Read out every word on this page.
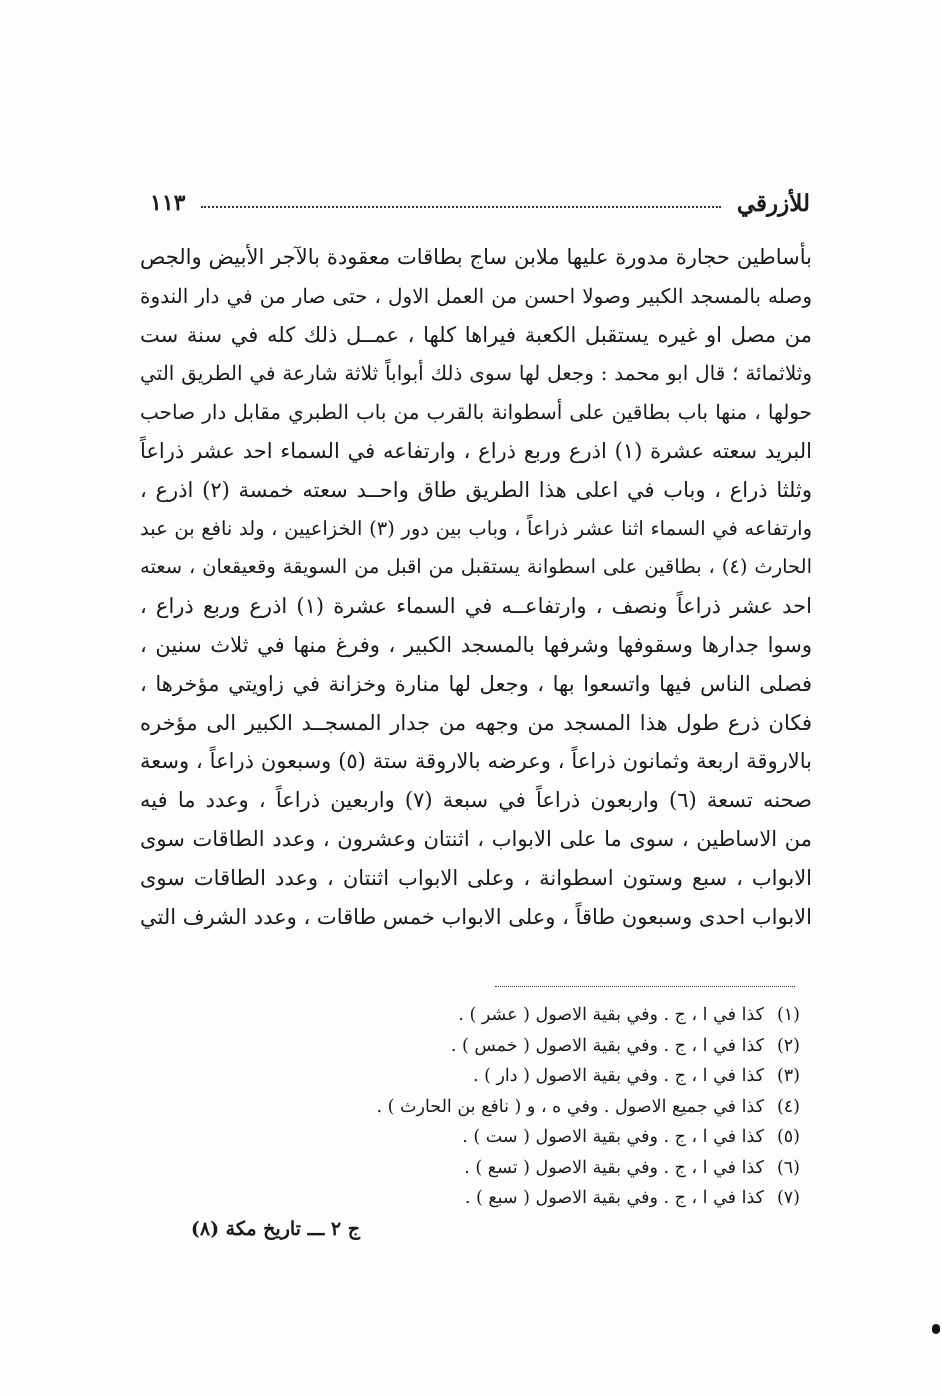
للأزرقي
١١٣
بأساطين حجارة مدورة عليها ملابن ساج بطاقات معقودة بالآجر الأبيض والجص
وصله بالمسجد الكبير وصولا احسن من العمل الاول ، حتى صار من في دار الندوة
من مصل او غيره يستقبل الكعبة فيراها كلها ، عمــل ذلك كله في سنة ست
وثلاثمائة ؛ قال ابو محمد : وجعل لها سوى ذلك أبواباً ثلاثة شارعة في الطريق التي
حولها ، منها باب بطاقين على أسطوانة بالقرب من باب الطبري مقابل دار صاحب
البريد سعته عشرة (١) اذرع وربع ذراع ، وارتفاعه في السماء احد عشر ذراعاً
وثلثا ذراع ، وباب في اعلى هذا الطريق طاق واحــد سعته خمسة (٢) اذرع ،
وارتفاعه في السماء اثنا عشر ذراعاً ، وباب بين دور (٣) الخزاعيين ، ولد نافع بن عبد
الحارث (٤) ، بطاقين على اسطوانة يستقبل من اقبل من السويقة وقعيقعان ، سعته
احد عشر ذراعاً ونصف ، وارتفاعــه في السماء عشرة (١) اذرع وربع ذراع ،
وسوا جدارها وسقوفها وشرفها بالمسجد الكبير ، وفرغ منها في ثلاث سنين ،
فصلى الناس فيها واتسعوا بها ، وجعل لها منارة وخزانة في زاويتي مؤخرها ،
فكان ذرع طول هذا المسجد من وجهه من جدار المسجــد الكبير الى مؤخره
بالاروقة اربعة وثمانون ذراعاً ، وعرضه بالاروقة ستة (٥) وسبعون ذراعاً ، وسعة
صحنه تسعة (٦) واربعون ذراعاً في سبعة (٧) واربعين ذراعاً ، وعدد ما فيه
من الاساطين ، سوى ما على الابواب ، اثنتان وعشرون ، وعدد الطاقات سوى
الابواب ، سبع وستون اسطوانة ، وعلى الابواب اثنتان ، وعدد الطاقات سوى
الابواب احدى وسبعون طاقاً ، وعلى الابواب خمس طاقات ، وعدد الشرف التي
(١)كذا في ا ، ج . وفي بقية الاصول ( عشر ) .
(٢)كذا في ا ، ج . وفي بقية الاصول ( خمس ) .
(٣)كذا في ا ، ج . وفي بقية الاصول ( دار ) .
(٤)كذا في جميع الاصول . وفي ه ، و ( نافع بن الحارث ) .
(٥)كذا في ا ، ج . وفي بقية الاصول ( ست ) .
(٦)كذا في ا ، ج . وفي بقية الاصول ( تسع ) .
(٧)كذا في ا ، ج . وفي بقية الاصول ( سبع ) .
ج ٢ ـــ تاريخ مكة (٨)
